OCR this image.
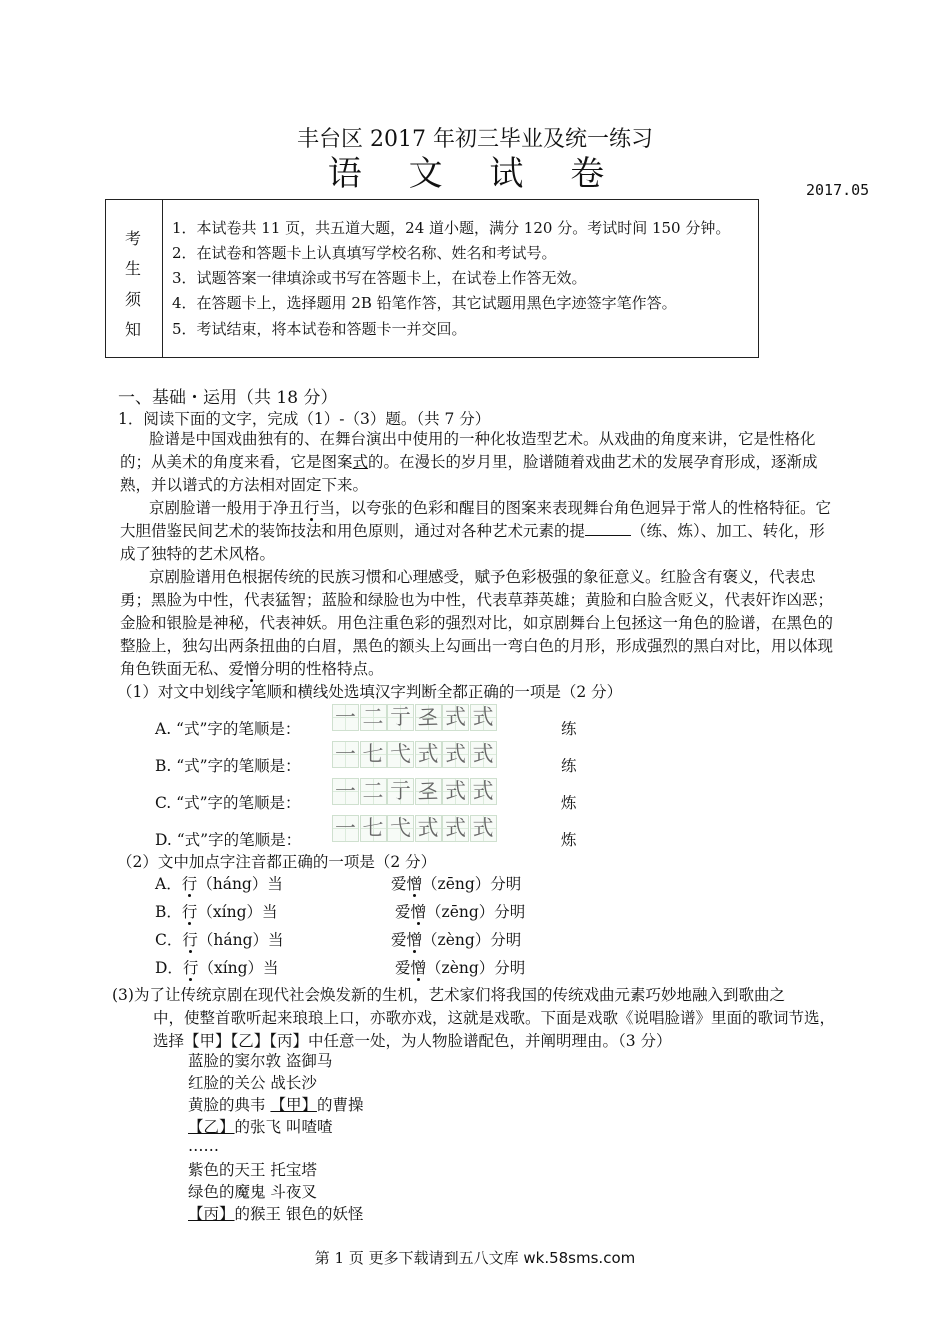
丰台区 2017 年初三毕业及统一练习
语 文 试 卷	2017.05
考
生
须
知
1．本试卷共 11 页，共五道大题，24 道小题，满分 120 分。考试时间 150 分钟。
2．在试卷和答题卡上认真填写学校名称、姓名和考试号。
3．试题答案一律填涂或书写在答题卡上，在试卷上作答无效。
4．在答题卡上，选择题用 2B 铅笔作答，其它试题用黑色字迹签字笔作答。
5．考试结束，将本试卷和答题卡一并交回。
一、基础・运用（共 18 分）
1．阅读下面的文字，完成（1）-（3）题。（共 7 分）
脸谱是中国戏曲独有的、在舞台演出中使用的一种化妆造型艺术。从戏曲的角度来讲，它是性格化的；从美术的角度来看，它是图案式的。在漫长的岁月里，脸谱随着戏曲艺术的发展孕育形成，逐渐成熟，并以谱式的方法相对固定下来。
京剧脸谱一般用于净丑行当，以夸张的色彩和醒目的图案来表现舞台角色迥异于常人的性格特征。它大胆借鉴民间艺术的装饰技法和用色原则，通过对各种艺术元素的提	（练、炼）、加工、转化，形成了独特的艺术风格。
京剧脸谱用色根据传统的民族习惯和心理感受，赋予色彩极强的象征意义。红脸含有褒义，代表忠勇；黑脸为中性，代表猛智；蓝脸和绿脸也为中性，代表草莽英雄；黄脸和白脸含贬义，代表奸诈凶恶；金脸和银脸是神秘，代表神妖。用色注重色彩的强烈对比，如京剧舞台上包拯这一角色的脸谱，在黑色的整脸上，独勾出两条扭曲的白眉，黑色的额头上勾画出一弯白色的月形，形成强烈的黑白对比，用以体现角色铁面无私、爱憎分明的性格特点。
（1）对文中划线字笔顺和横线处选填汉字判断全都正确的一项是（2 分）
A. “式”字的笔顺是： 一 二 亍 𢀖 式 式	练
B. “式”字的笔顺是： 一 七 弋 式 式 式	练
C. “式”字的笔顺是： 一 二 亍 𢀖 式 式	炼
D. “式”字的笔顺是： 一 七 弋 式 式 式	炼
（2）文中加点字注音都正确的一项是（2 分）
A．行（háng）当	爱憎（zēng）分明
B．行（xíng）当	爱憎（zēng）分明
C．行（háng）当	爱憎（zèng）分明
D．行（xíng）当	爱憎（zèng）分明
(3)为了让传统京剧在现代社会焕发新的生机，艺术家们将我国的传统戏曲元素巧妙地融入到歌曲之
中，使整首歌听起来琅琅上口，亦歌亦戏，这就是戏歌。下面是戏歌《说唱脸谱》里面的歌词节选，
选择【甲】【乙】【丙】中任意一处，为人物脸谱配色，并阐明理由。（3 分）
蓝脸的窦尔敦 盗御马
红脸的关公 战长沙
黄脸的典韦 【甲】的曹操
【乙】的张飞 叫喳喳
……
紫色的天王 托宝塔
绿色的魔鬼 斗夜叉
【丙】的猴王 银色的妖怪
第 1 页 更多下载请到五八文库 wk.58sms.com
